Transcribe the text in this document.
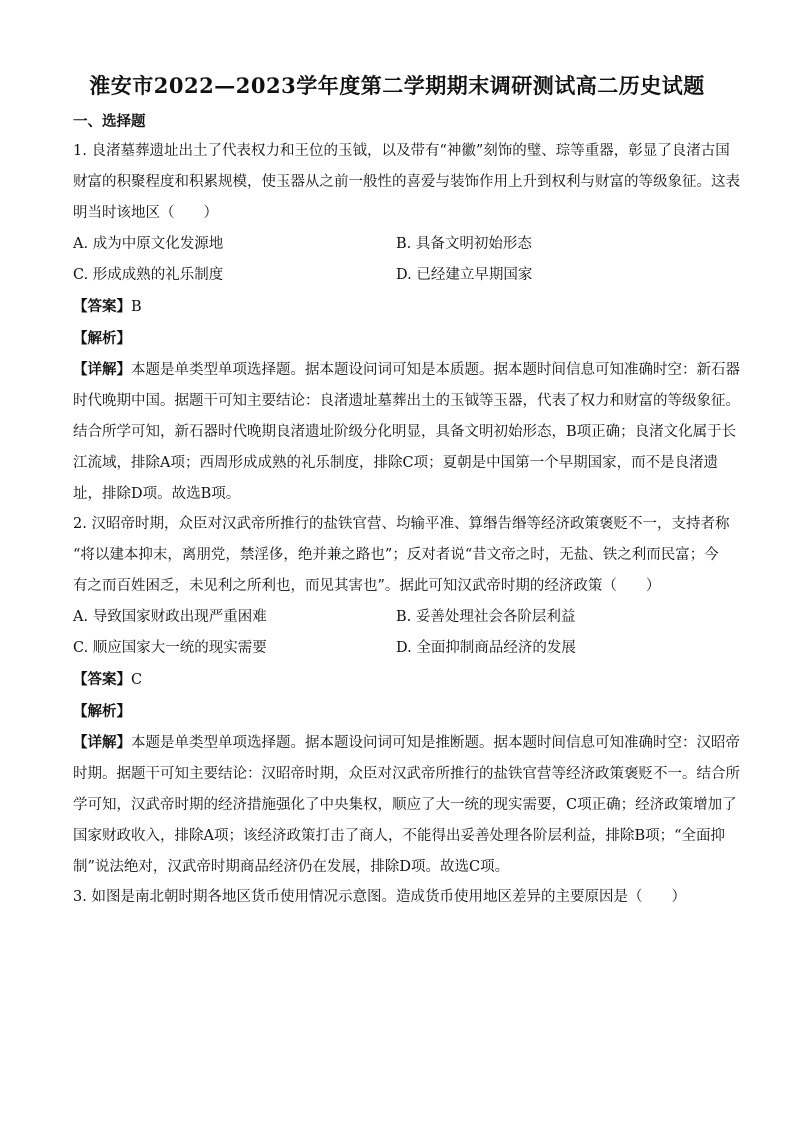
淮安市2022—2023学年度第二学期期末调研测试高二历史试题
一、选择题
1. 良渚墓葬遗址出土了代表权力和王位的玉钺，以及带有“神徽”刻饰的璧、琮等重器，彰显了良渚古国
财富的积聚程度和积累规模，使玉器从之前一般性的喜爱与装饰作用上升到权利与财富的等级象征。这表
明当时该地区（　　）
A. 成为中原文化发源地	B. 具备文明初始形态
C. 形成成熟的礼乐制度	D. 已经建立早期国家
【答案】B
【解析】
【详解】本题是单类型单项选择题。据本题设问词可知是本质题。据本题时间信息可知准确时空：新石器
时代晚期中国。据题干可知主要结论：良渚遗址墓葬出土的玉钺等玉器，代表了权力和财富的等级象征。
结合所学可知，新石器时代晚期良渚遗址阶级分化明显，具备文明初始形态，B项正确；良渚文化属于长
江流域，排除A项；西周形成成熟的礼乐制度，排除C项；夏朝是中国第一个早期国家，而不是良渚遗
址，排除D项。故选B项。
2. 汉昭帝时期，众臣对汉武帝所推行的盐铁官营、均输平准、算缗告缗等经济政策褒贬不一，支持者称
“将以建本抑末，离朋党，禁淫侈，绝并兼之路也”；反对者说“昔文帝之时，无盐、铁之利而民富；今
有之而百姓困乏，未见利之所利也，而见其害也”。据此可知汉武帝时期的经济政策（　　）
A. 导致国家财政出现严重困难	B. 妥善处理社会各阶层利益
C. 顺应国家大一统的现实需要	D. 全面抑制商品经济的发展
【答案】C
【解析】
【详解】本题是单类型单项选择题。据本题设问词可知是推断题。据本题时间信息可知准确时空：汉昭帝
时期。据题干可知主要结论：汉昭帝时期，众臣对汉武帝所推行的盐铁官营等经济政策褒贬不一。结合所
学可知，汉武帝时期的经济措施强化了中央集权，顺应了大一统的现实需要，C项正确；经济政策增加了
国家财政收入，排除A项；该经济政策打击了商人，不能得出妥善处理各阶层利益，排除B项；“全面抑
制”说法绝对，汉武帝时期商品经济仍在发展，排除D项。故选C项。
3. 如图是南北朝时期各地区货币使用情况示意图。造成货币使用地区差异的主要原因是（　　）
